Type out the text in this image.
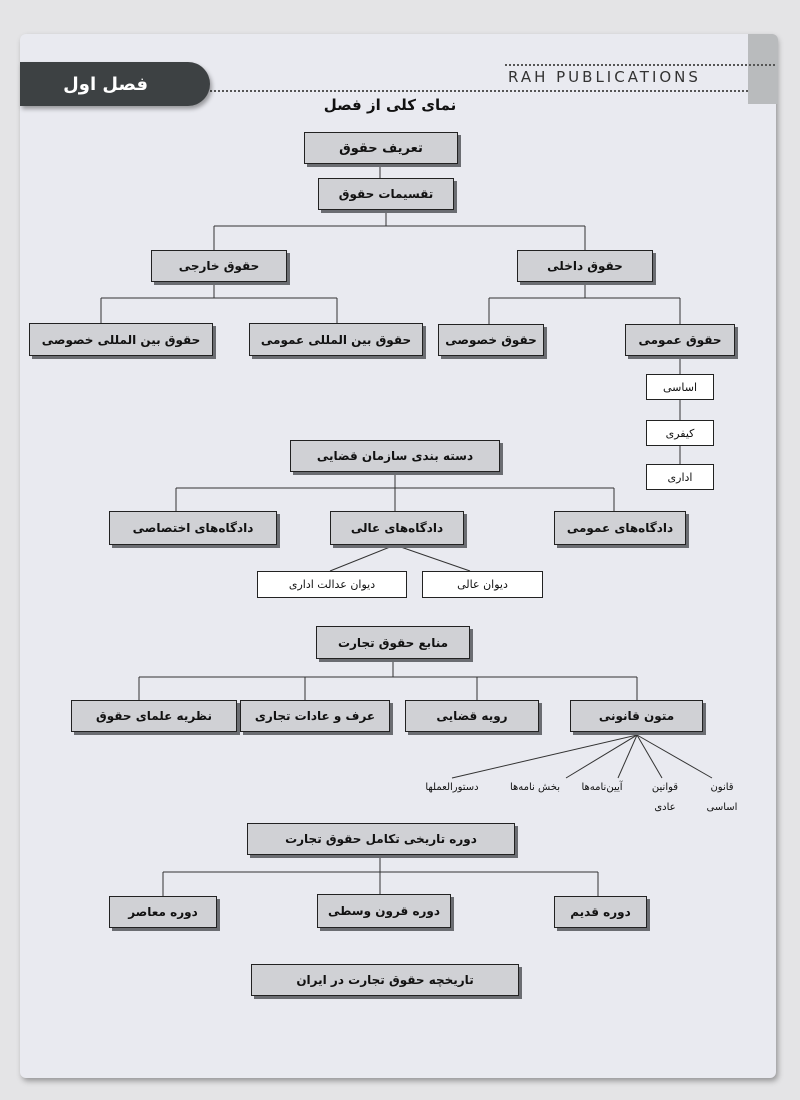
RAH PUBLICATIONS
فصل اول
نمای کلی از فصل
تعریف حقوق
تقسیمات حقوق
حقوق خارجی	حقوق داخلی
حقوق بین المللی خصوصی	حقوق بین المللی عمومی	حقوق خصوصی	حقوق عمومی
اساسی
کیفری
اداری
دسته بندی سازمان قضایی
دادگاه‌های اختصاصی	دادگاه‌های عالی	دادگاه‌های عمومی
دیوان عدالت اداری	دیوان عالی
منابع حقوق تجارت
نظریه علمای حقوق	عرف و عادات تجاری	رویه قضایی	متون قانونی
دستورالعملها	بخش نامه‌ها	آیین‌نامه‌ها	قوانین عادی
قانون اساسی
دوره تاریخی تکامل حقوق تجارت
دوره معاصر	دوره قرون وسطی	دوره قدیم
تاریخچه حقوق تجارت در ایران
